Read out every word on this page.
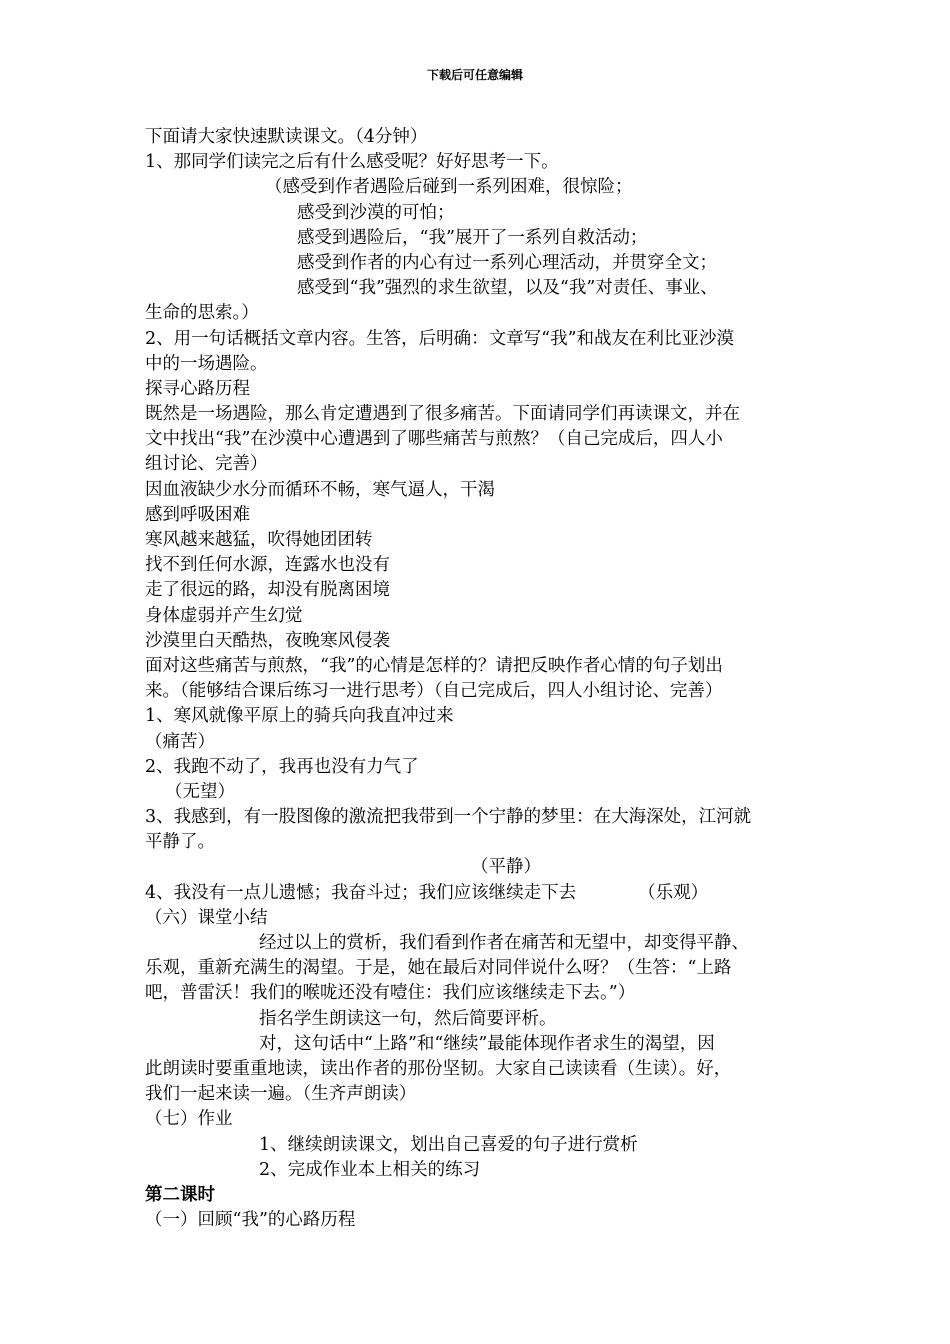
下载后可任意编辑
下面请大家快速默读课文。（4分钟）
1、那同学们读完之后有什么感受呢？好好思考一下。
（感受到作者遇险后碰到一系列困难，很惊险；
感受到沙漠的可怕；
感受到遇险后，“我”展开了一系列自救活动；
感受到作者的内心有过一系列心理活动，并贯穿全文；
感受到“我”强烈的求生欲望，以及“我”对责任、事业、
生命的思索。）
2、用一句话概括文章内容。生答，后明确：文章写“我”和战友在利比亚沙漠
中的一场遇险。
探寻心路历程
既然是一场遇险，那么肯定遭遇到了很多痛苦。下面请同学们再读课文，并在
文中找出“我”在沙漠中心遭遇到了哪些痛苦与煎熬？（自己完成后，四人小
组讨论、完善）
因血液缺少水分而循环不畅，寒气逼人，干渴
感到呼吸困难
寒风越来越猛，吹得她团团转
找不到任何水源，连露水也没有
走了很远的路，却没有脱离困境
身体虚弱并产生幻觉
沙漠里白天酷热，夜晚寒风侵袭
面对这些痛苦与煎熬，“我”的心情是怎样的？请把反映作者心情的句子划出
来。（能够结合课后练习一进行思考）（自己完成后，四人小组讨论、完善）
1、寒风就像平原上的骑兵向我直冲过来
（痛苦）
2、我跑不动了，我再也没有力气了
（无望）
3、我感到，有一股图像的激流把我带到一个宁静的梦里：在大海深处，江河就
平静了。
（平静）
4、我没有一点儿遗憾；我奋斗过；我们应该继续走下去	（乐观）
（六）课堂小结
经过以上的赏析，我们看到作者在痛苦和无望中，却变得平静、
乐观，重新充满生的渴望。于是，她在最后对同伴说什么呀？（生答：“上路
吧，普雷沃！我们的喉咙还没有噎住：我们应该继续走下去。”）
指名学生朗读这一句，然后简要评析。
对，这句话中“上路”和“继续”最能体现作者求生的渴望，因
此朗读时要重重地读，读出作者的那份坚韧。大家自己读读看（生读）。好，
我们一起来读一遍。（生齐声朗读）
（七）作业
1、继续朗读课文，划出自己喜爱的句子进行赏析
2、完成作业本上相关的练习
第二课时
（一）回顾“我”的心路历程
